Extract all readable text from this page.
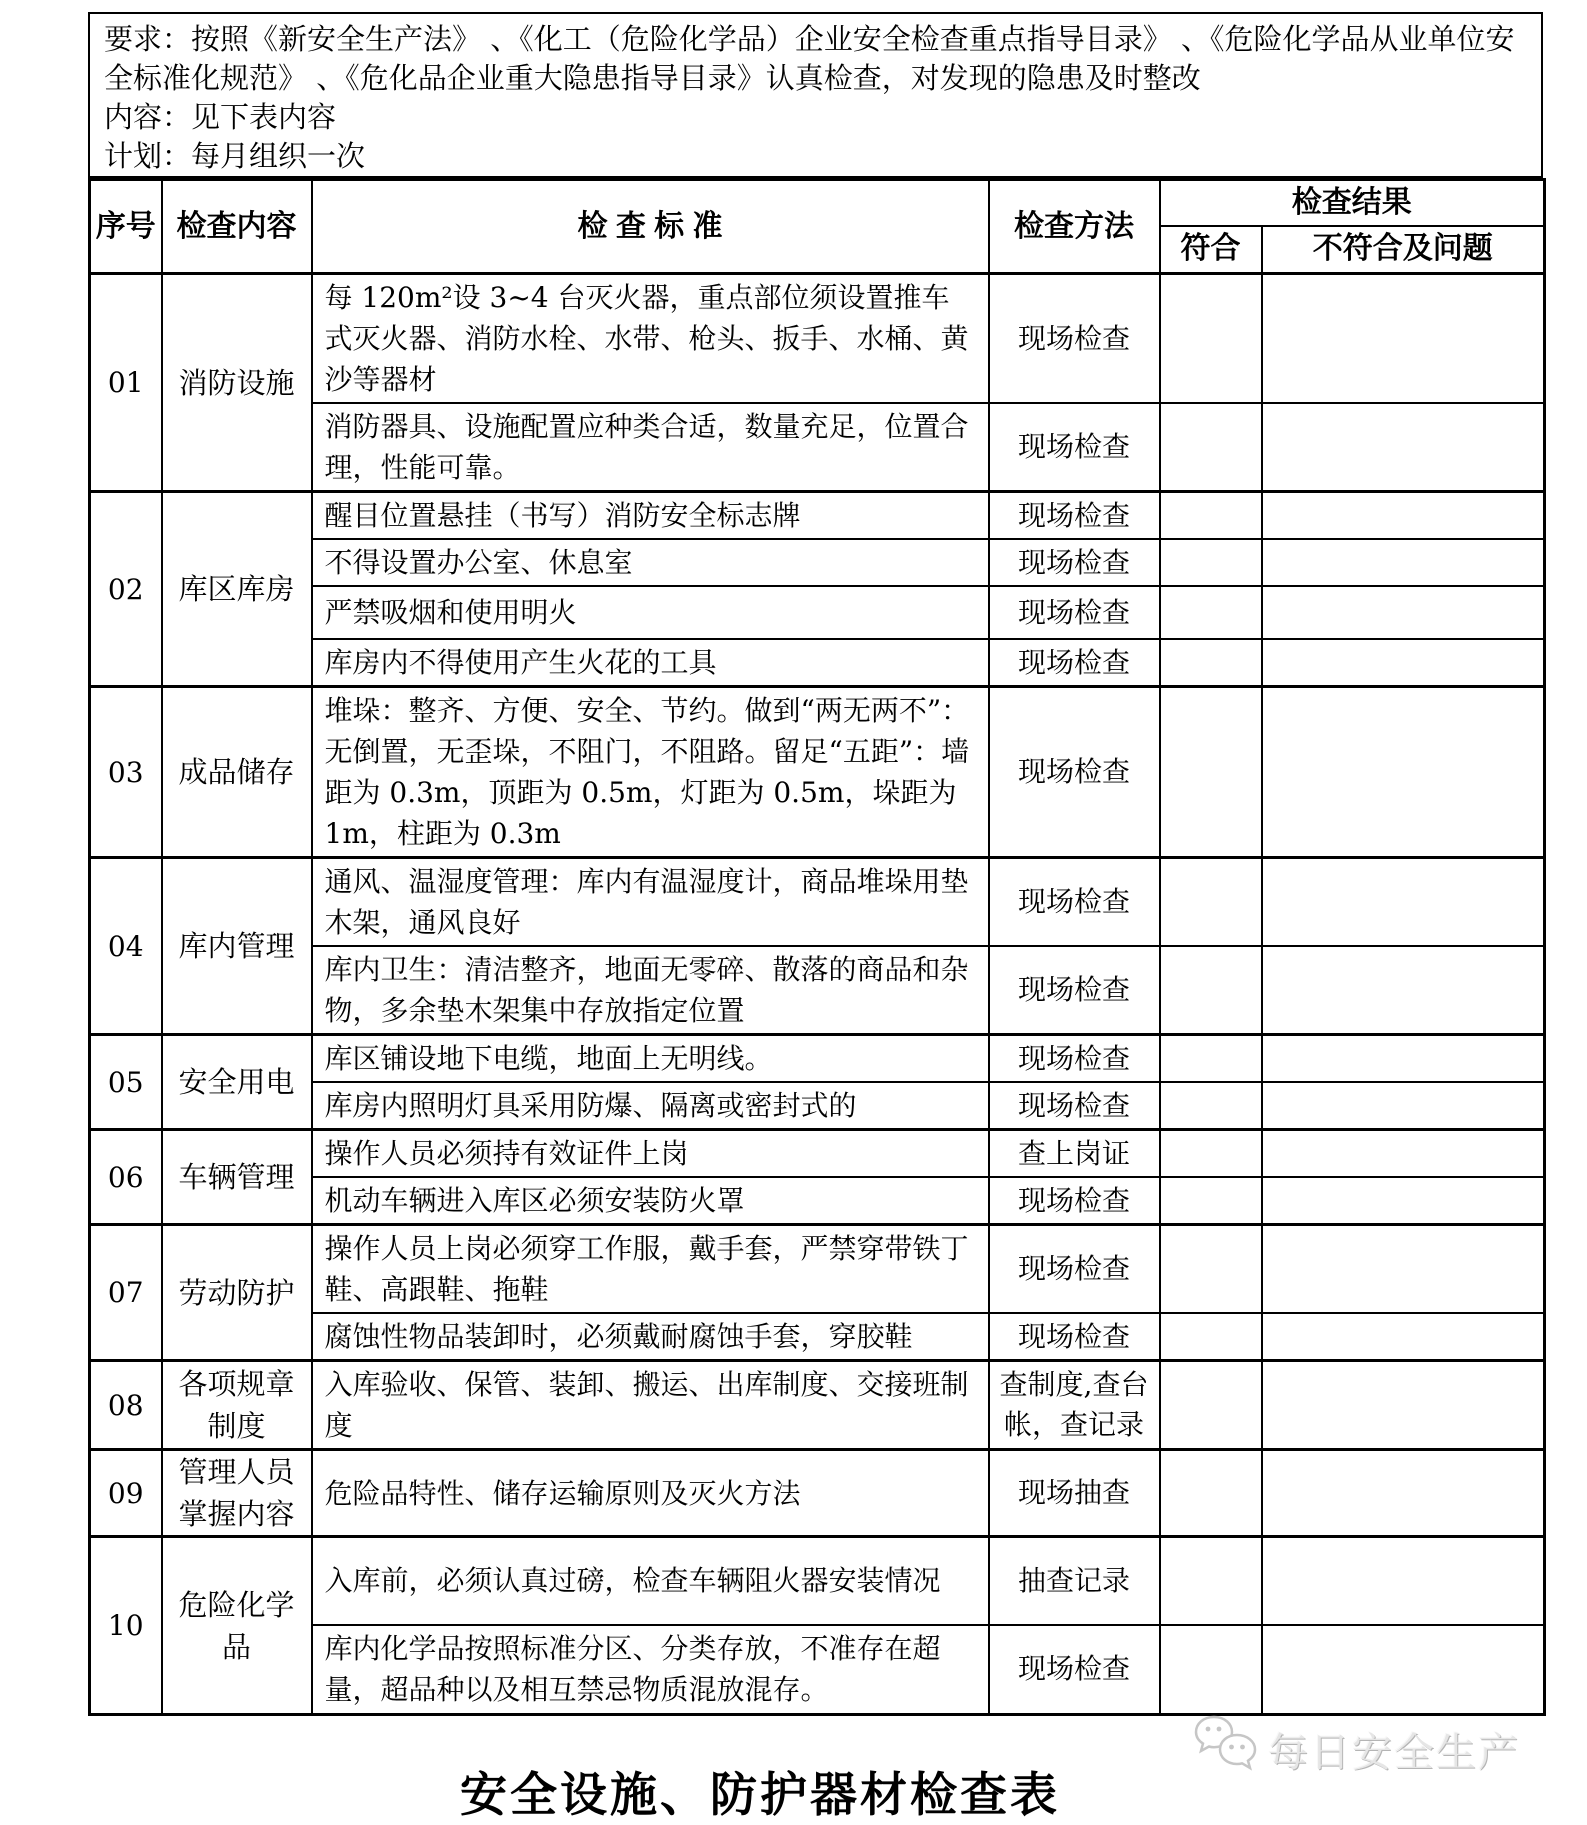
要求：按照《新安全生产法》 、《化工（危险化学品）企业安全检查重点指导目录》 、《危险化学品从业单位安全标准化规范》 、《危化品企业重大隐患指导目录》认真检查，对发现的隐患及时整改
内容：见下表内容
计划：每月组织一次
序号	检查内容	检 查 标 准	检查方法	检查结果	
				符合	不符合及问题
01	消防设施	每 120m²设 3~4 台灭火器，重点部位须设置推车式灭火器、消防水栓、水带、枪头、扳手、水桶、黄沙等器材	现场检查		
		消防器具、设施配置应种类合适，数量充足，位置合理，性能可靠。	现场检查		
02	库区库房	醒目位置悬挂（书写）消防安全标志牌	现场检查		
		不得设置办公室、休息室	现场检查		
		严禁吸烟和使用明火	现场检查		
		库房内不得使用产生火花的工具	现场检查		
03	成品储存	堆垛：整齐、方便、安全、节约。做到“两无两不”：无倒置，无歪垛，不阻门，不阻路。留足“五距”：墙距为 0.3m，顶距为 0.5m，灯距为 0.5m，垛距为 1m，柱距为 0.3m	现场检查		
04	库内管理	通风、温湿度管理：库内有温湿度计，商品堆垛用垫木架，通风良好	现场检查		
		库内卫生：清洁整齐，地面无零碎、散落的商品和杂物，多余垫木架集中存放指定位置	现场检查		
05	安全用电	库区铺设地下电缆，地面上无明线。	现场检查		
		库房内照明灯具采用防爆、隔离或密封式的	现场检查		
06	车辆管理	操作人员必须持有效证件上岗	查上岗证		
		机动车辆进入库区必须安装防火罩	现场检查		
07	劳动防护	操作人员上岗必须穿工作服，戴手套，严禁穿带铁丁鞋、高跟鞋、拖鞋	现场检查		
		腐蚀性物品装卸时，必须戴耐腐蚀手套，穿胶鞋	现场检查		
08	各项规章制度	入库验收、保管、装卸、搬运、出库制度、交接班制度	查制度,查台帐，查记录		
09	管理人员掌握内容	危险品特性、储存运输原则及灭火方法	现场抽查		
10	危险化学品	入库前，必须认真过磅，检查车辆阻火器安装情况	抽查记录		
		库内化学品按照标准分区、分类存放，不准存在超量，超品种以及相互禁忌物质混放混存。	现场检查		
每日安全生产
安全设施、防护器材检查表
